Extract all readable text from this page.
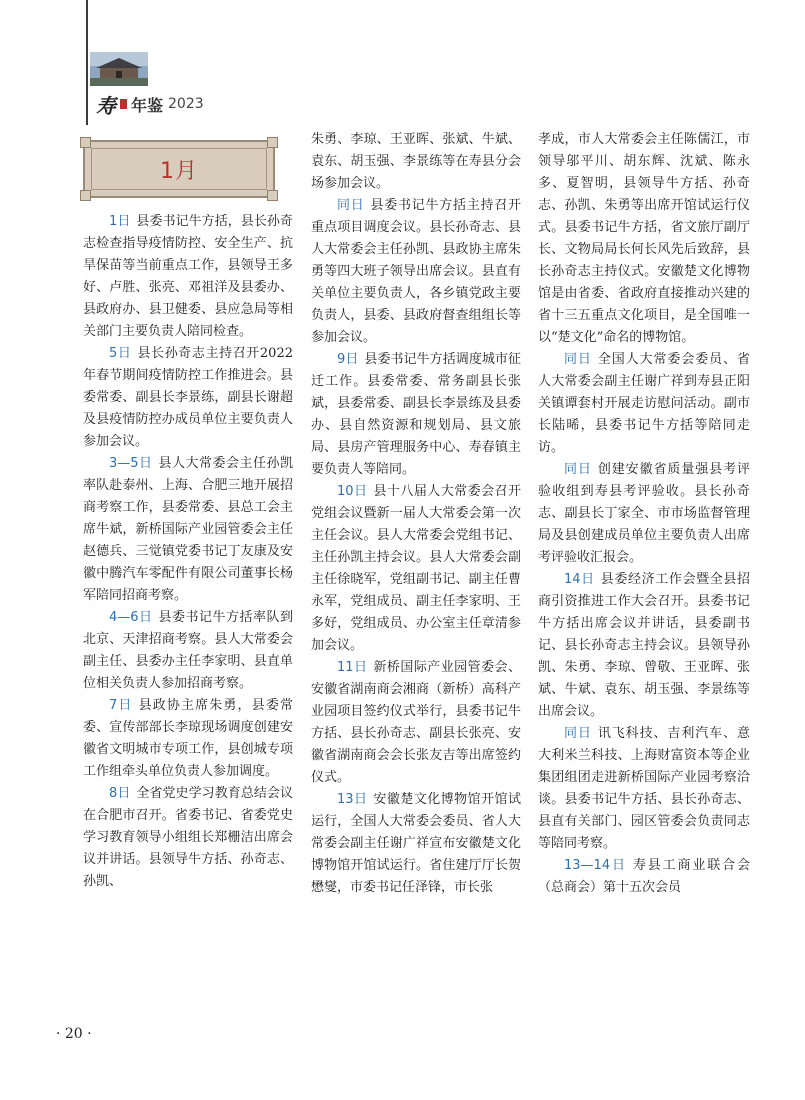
寿 年鉴 2023
1月

1日 县委书记牛方括，县长孙奇志检查指导疫情防控、安全生产、抗旱保苗等当前重点工作，县领导王多好、卢胜、张亮、邓祖洋及县委办、县政府办、县卫健委、县应急局等相关部门主要负责人陪同检查。

5日 县长孙奇志主持召开2022年春节期间疫情防控工作推进会。县委常委、副县长李景练，副县长谢超及县疫情防控办成员单位主要负责人参加会议。

3—5日 县人大常委会主任孙凯率队赴泰州、上海、合肥三地开展招商考察工作，县委常委、县总工会主席牛斌，新桥国际产业园管委会主任赵德兵、三觉镇党委书记丁友康及安徽中腾汽车零配件有限公司董事长杨军陪同招商考察。

4—6日 县委书记牛方括率队到北京、天津招商考察。县人大常委会副主任、县委办主任李家明、县直单位相关负责人参加招商考察。

7日 县政协主席朱勇，县委常委、宣传部部长李琼现场调度创建安徽省文明城市专项工作，县创城专项工作组牵头单位负责人参加调度。

8日 全省党史学习教育总结会议在合肥市召开。省委书记、省委党史学习教育领导小组组长郑栅洁出席会议并讲话。县领导牛方括、孙奇志、孙凯、

朱勇、李琼、王亚晖、张斌、牛斌、袁东、胡玉强、李景练等在寿县分会场参加会议。

同日 县委书记牛方括主持召开重点项目调度会议。县长孙奇志、县人大常委会主任孙凯、县政协主席朱勇等四大班子领导出席会议。县直有关单位主要负责人，各乡镇党政主要负责人，县委、县政府督查组组长等参加会议。

9日 县委书记牛方括调度城市征迁工作。县委常委、常务副县长张斌，县委常委、副县长李景练及县委办、县自然资源和规划局、县文旅局、县房产管理服务中心、寿春镇主要负责人等陪同。

10日 县十八届人大常委会召开党组会议暨新一届人大常委会第一次主任会议。县人大常委会党组书记、主任孙凯主持会议。县人大常委会副主任徐晓军，党组副书记、副主任曹永军，党组成员、副主任李家明、王多好，党组成员、办公室主任章清参加会议。

11日 新桥国际产业园管委会、安徽省湖南商会湘商（新桥）高科产业园项目签约仪式举行，县委书记牛方括、县长孙奇志、副县长张亮、安徽省湖南商会会长张友吉等出席签约仪式。

13日 安徽楚文化博物馆开馆试运行，全国人大常委会委员、省人大常委会副主任谢广祥宣布安徽楚文化博物馆开馆试运行。省住建厅厅长贺懋燮，市委书记任泽锋，市长张

孝成，市人大常委会主任陈儒江，市领导邬平川、胡东辉、沈斌、陈永多、夏智明，县领导牛方括、孙奇志、孙凯、朱勇等出席开馆试运行仪式。县委书记牛方括，省文旅厅副厅长、文物局局长何长风先后致辞，县长孙奇志主持仪式。安徽楚文化博物馆是由省委、省政府直接推动兴建的省十三五重点文化项目，是全国唯一以“楚文化”命名的博物馆。

同日 全国人大常委会委员、省人大常委会副主任谢广祥到寿县正阳关镇谭套村开展走访慰问活动。副市长陆晞，县委书记牛方括等陪同走访。

同日 创建安徽省质量强县考评验收组到寿县考评验收。县长孙奇志、副县长丁家全、市市场监督管理局及县创建成员单位主要负责人出席考评验收汇报会。

14日 县委经济工作会暨全县招商引资推进工作大会召开。县委书记牛方括出席会议并讲话，县委副书记、县长孙奇志主持会议。县领导孙凯、朱勇、李琼、曾敬、王亚晖、张斌、牛斌、袁东、胡玉强、李景练等出席会议。

同日 讯飞科技、吉利汽车、意大利米兰科技、上海财富资本等企业集团组团走进新桥国际产业园考察洽谈。县委书记牛方括、县长孙奇志、县直有关部门、园区管委会负责同志等陪同考察。

13—14日 寿县工商业联合会（总商会）第十五次会员

· 20 ·
